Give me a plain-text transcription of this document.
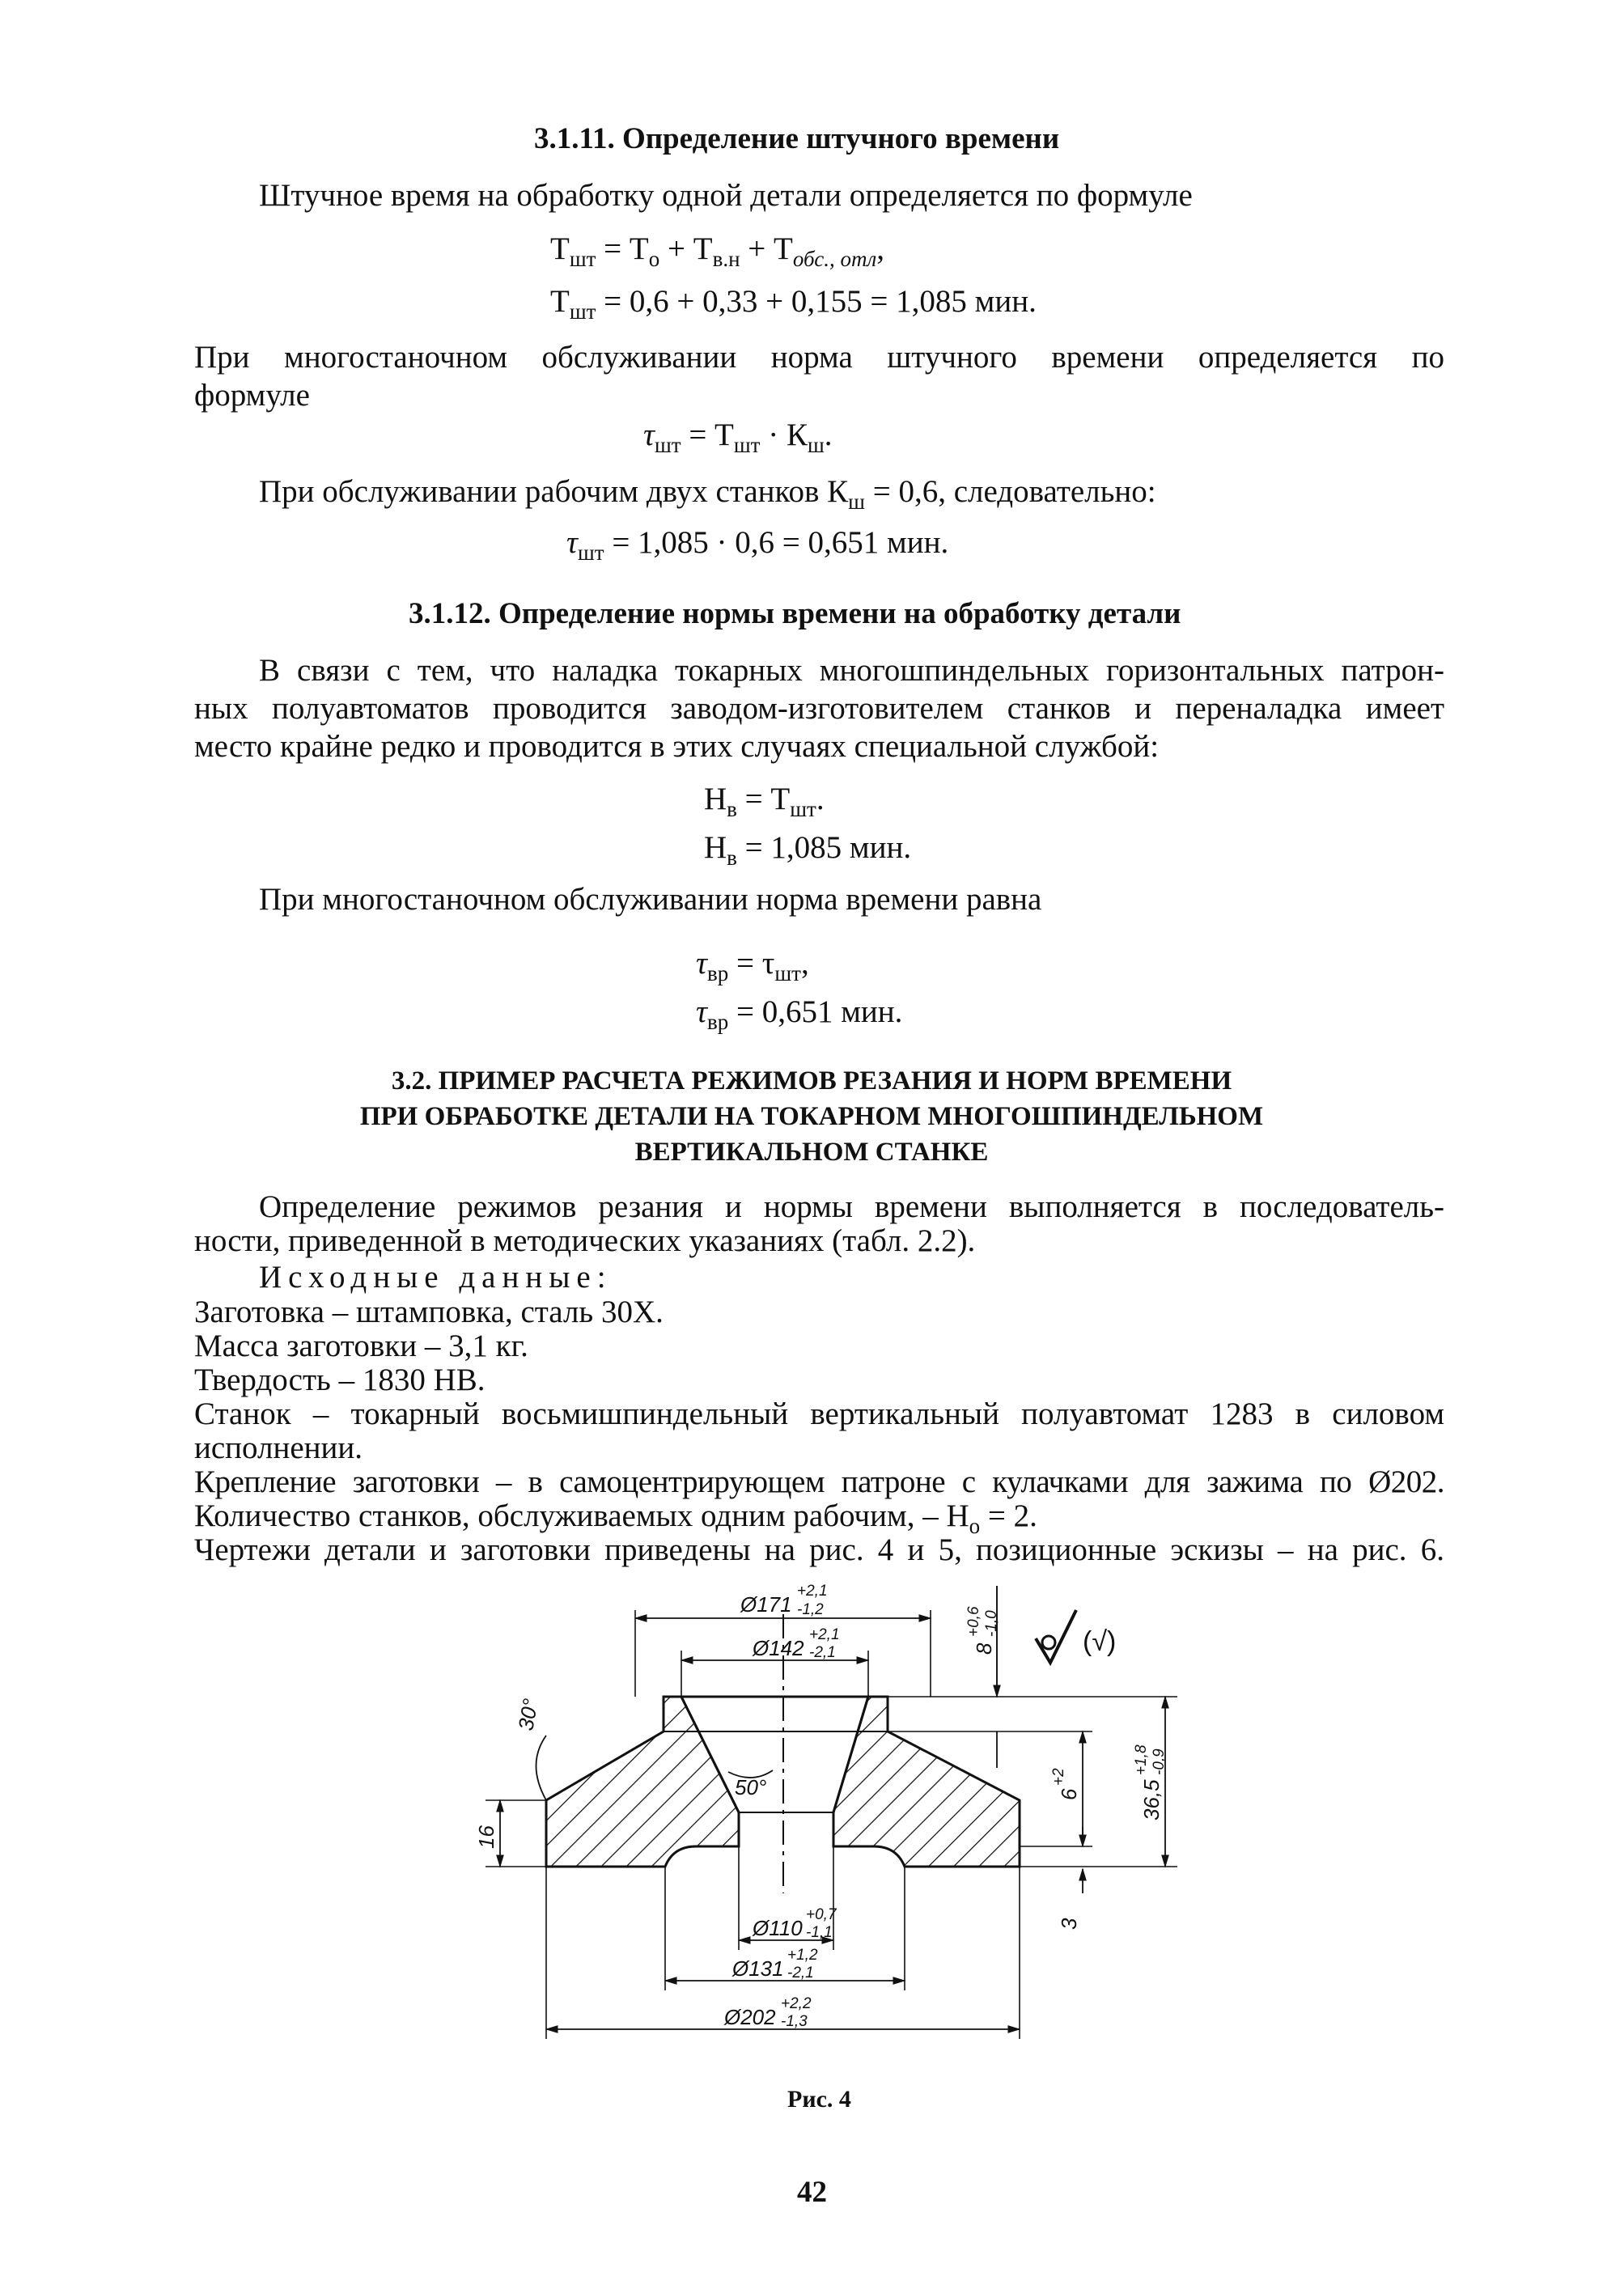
3.1.11. Определение штучного времени
Штучное время на обработку одной детали определяется по формуле
$Т_{шт} = Т_о + Т_{в.н} + Т_{обс., отл}$,
$Т_{шт} = 0,6 + 0,33 + 0,155 = 1,085$ мин.
При многостаночном обслуживании норма штучного времени определяется по
формуле
$\tau_{шт} = Т_{шт} \cdot К_ш$.
При обслуживании рабочим двух станков $К_ш = 0,6$, следовательно:
$\tau_{шт} = 1,085 \cdot 0,6 = 0,651$ мин.
3.1.12. Определение нормы времени на обработку детали
В связи с тем, что наладка токарных многошпиндельных горизонтальных патрон-
ных полуавтоматов проводится заводом-изготовителем станков и переналадка имеет
место крайне редко и проводится в этих случаях специальной службой:
$Н_в = Т_{шт}$.
$Н_в = 1,085$ мин.
При многостаночном обслуживании норма времени равна
$\tau_{вр} = \tau_{шт}$,
$\tau_{вр} = 0,651$ мин.
3.2. ПРИМЕР РАСЧЕТА РЕЖИМОВ РЕЗАНИЯ И НОРМ ВРЕМЕНИ
ПРИ ОБРАБОТКЕ ДЕТАЛИ НА ТОКАРНОМ МНОГОШПИНДЕЛЬНОМ
ВЕРТИКАЛЬНОМ СТАНКЕ
Определение режимов резания и нормы времени выполняется в последователь-
ности, приведенной в методических указаниях (табл. 2.2).
Исходные данные:
Заготовка – штамповка, сталь 30Х.
Масса заготовки – 3,1 кг.
Твердость – 1830 НВ.
Станок – токарный восьмишпиндельный вертикальный полуавтомат 1283 в силовом
исполнении.
Крепление заготовки – в самоцентрирующем патроне с кулачками для зажима по Ø202.
Количество станков, обслуживаемых одним рабочим, – $Н_о = 2$.
Чертежи детали и заготовки приведены на рис. 4 и 5, позиционные эскизы – на рис. 6.
Ø171
+2,1
-1,2
Ø142
+2,1
-2,1	8
+0,6 -1,0
30°
50°	6
+2
36,5
+1,8 -0,9
16
3
Ø110
+0,7
-1,1
Ø131
+1,2
-2,1
Ø202
+2,2
-1,3
(√)
Рис. 4
42
